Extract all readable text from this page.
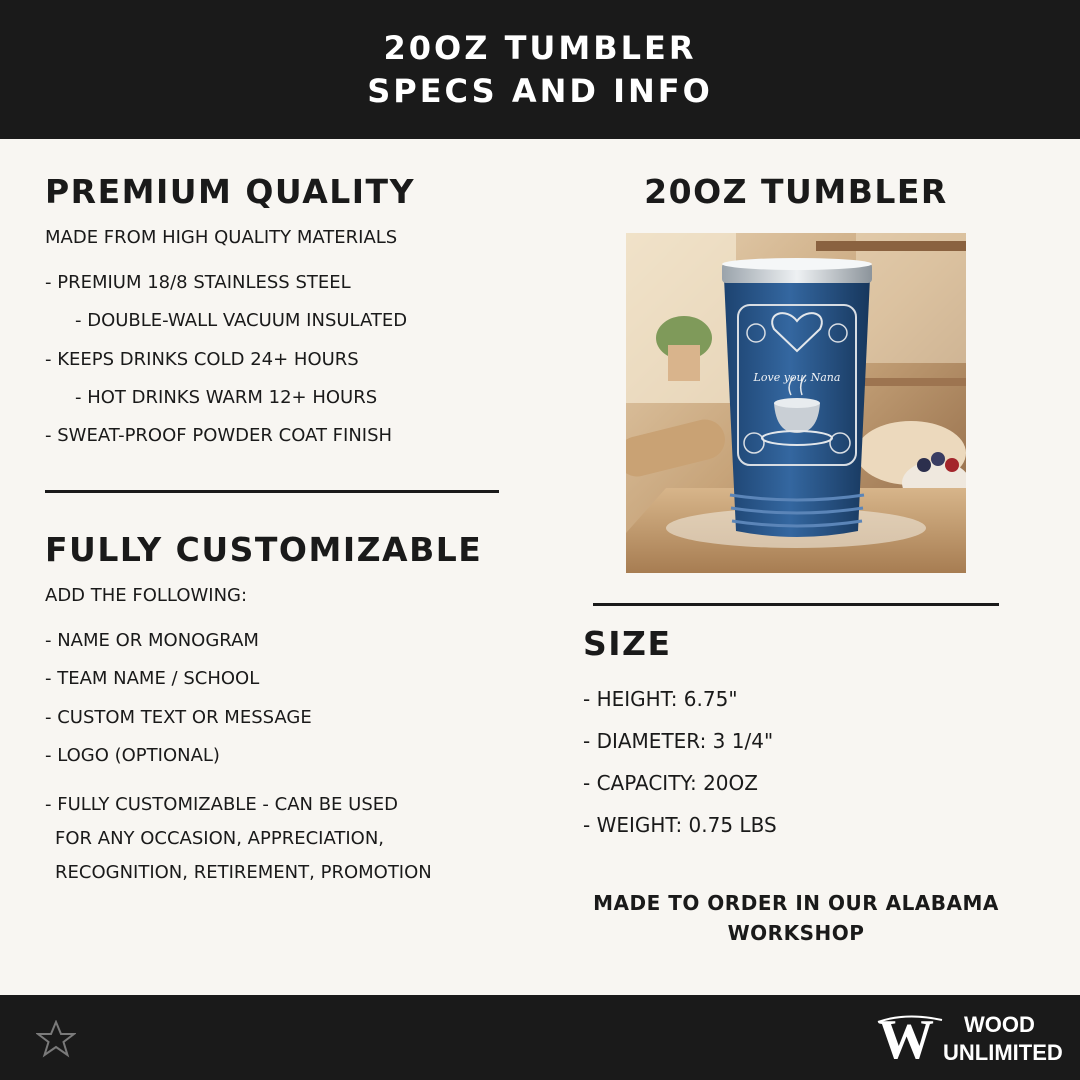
20OZ TUMBLER
SPECS AND INFO
PREMIUM QUALITY
MADE FROM HIGH QUALITY MATERIALS
- PREMIUM 18/8 STAINLESS STEEL
- DOUBLE-WALL VACUUM INSULATED
- KEEPS DRINKS COLD 24+ HOURS
- HOT DRINKS WARM 12+ HOURS
- SWEAT-PROOF POWDER COAT FINISH
FULLY CUSTOMIZABLE
ADD THE FOLLOWING:
- NAME OR MONOGRAM
- TEAM NAME / SCHOOL
- CUSTOM TEXT OR MESSAGE
- LOGO (OPTIONAL)
- FULLY CUSTOMIZABLE - CAN BE USED
FOR ANY OCCASION, APPRECIATION,
RECOGNITION, RETIREMENT, PROMOTION
20OZ TUMBLER
Love you, Nana
SIZE
- HEIGHT: 6.75"
- DIAMETER: 3 1/4"
- CAPACITY: 20OZ
- WEIGHT: 0.75 LBS
MADE TO ORDER IN OUR ALABAMA
WORKSHOP
W WOOD
UNLIMITED
